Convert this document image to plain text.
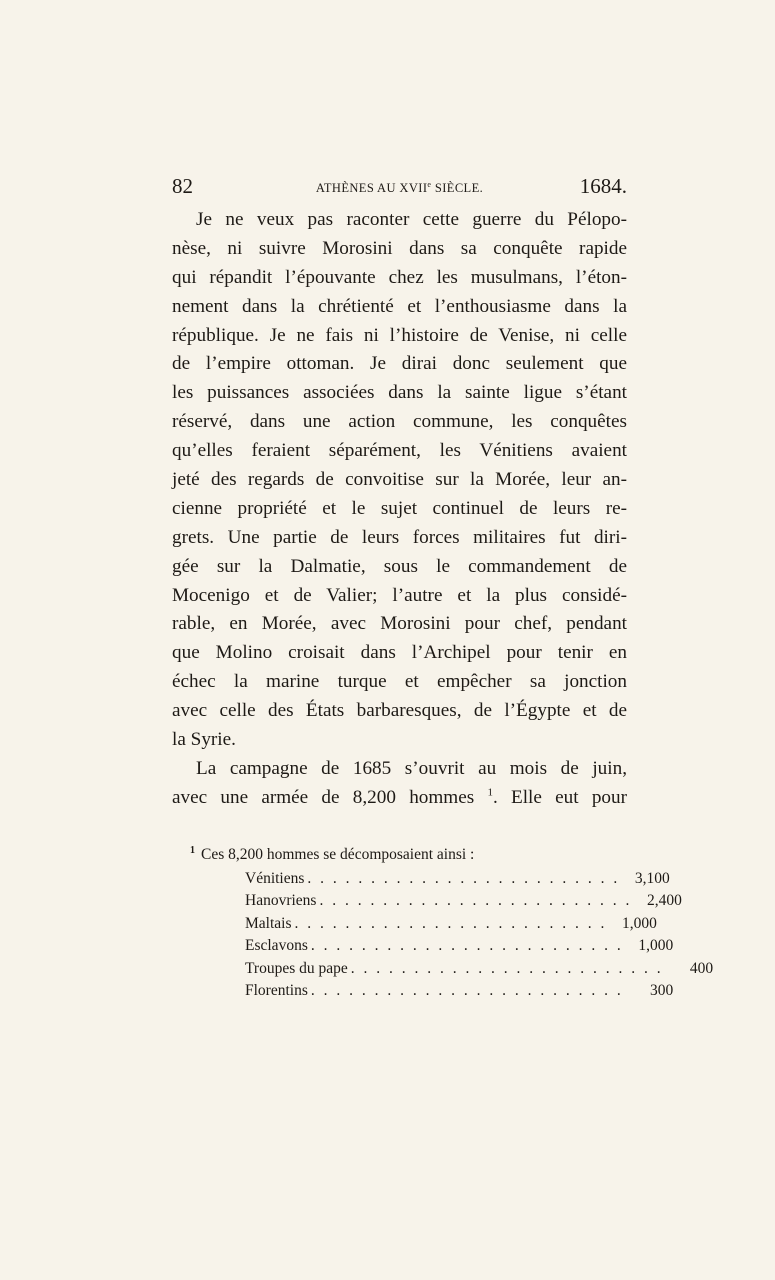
82	ATHÈNES AU XVIIe SIÈCLE.	1684.
Je ne veux pas raconter cette guerre du Pélopo-
nèse, ni suivre Morosini dans sa conquête rapide
qui répandit l’épouvante chez les musulmans, l’éton-
nement dans la chrétienté et l’enthousiasme dans la
république. Je ne fais ni l’histoire de Venise, ni celle
de l’empire ottoman. Je dirai donc seulement que
les puissances associées dans la sainte ligue s’étant
réservé, dans une action commune, les conquêtes
qu’elles feraient séparément, les Vénitiens avaient
jeté des regards de convoitise sur la Morée, leur an-
cienne propriété et le sujet continuel de leurs re-
grets. Une partie de leurs forces militaires fut diri-
gée sur la Dalmatie, sous le commandement de
Mocenigo et de Valier; l’autre et la plus considé-
rable, en Morée, avec Morosini pour chef, pendant
que Molino croisait dans l’Archipel pour tenir en
échec la marine turque et empêcher sa jonction
avec celle des États barbaresques, de l’Égypte et de
la Syrie.
La campagne de 1685 s’ouvrit au mois de juin,
avec une armée de 8,200 hommes $^1$. Elle eut pour
$^1$ Ces 8,200 hommes se décomposaient ainsi :
Vénitiens . . . . . . . . . . . . . . . . . . . . . . . . . 3,100
Hanovriens . . . . . . . . . . . . . . . . . . . . . . . . . 2,400
Maltais . . . . . . . . . . . . . . . . . . . . . . . . . 1,000
Esclavons . . . . . . . . . . . . . . . . . . . . . . . . . 1,000
Troupes du pape . . . . . . . . . . . . . . . . . . . . . . . . .	400
Florentins . . . . . . . . . . . . . . . . . . . . . . . . .	300
